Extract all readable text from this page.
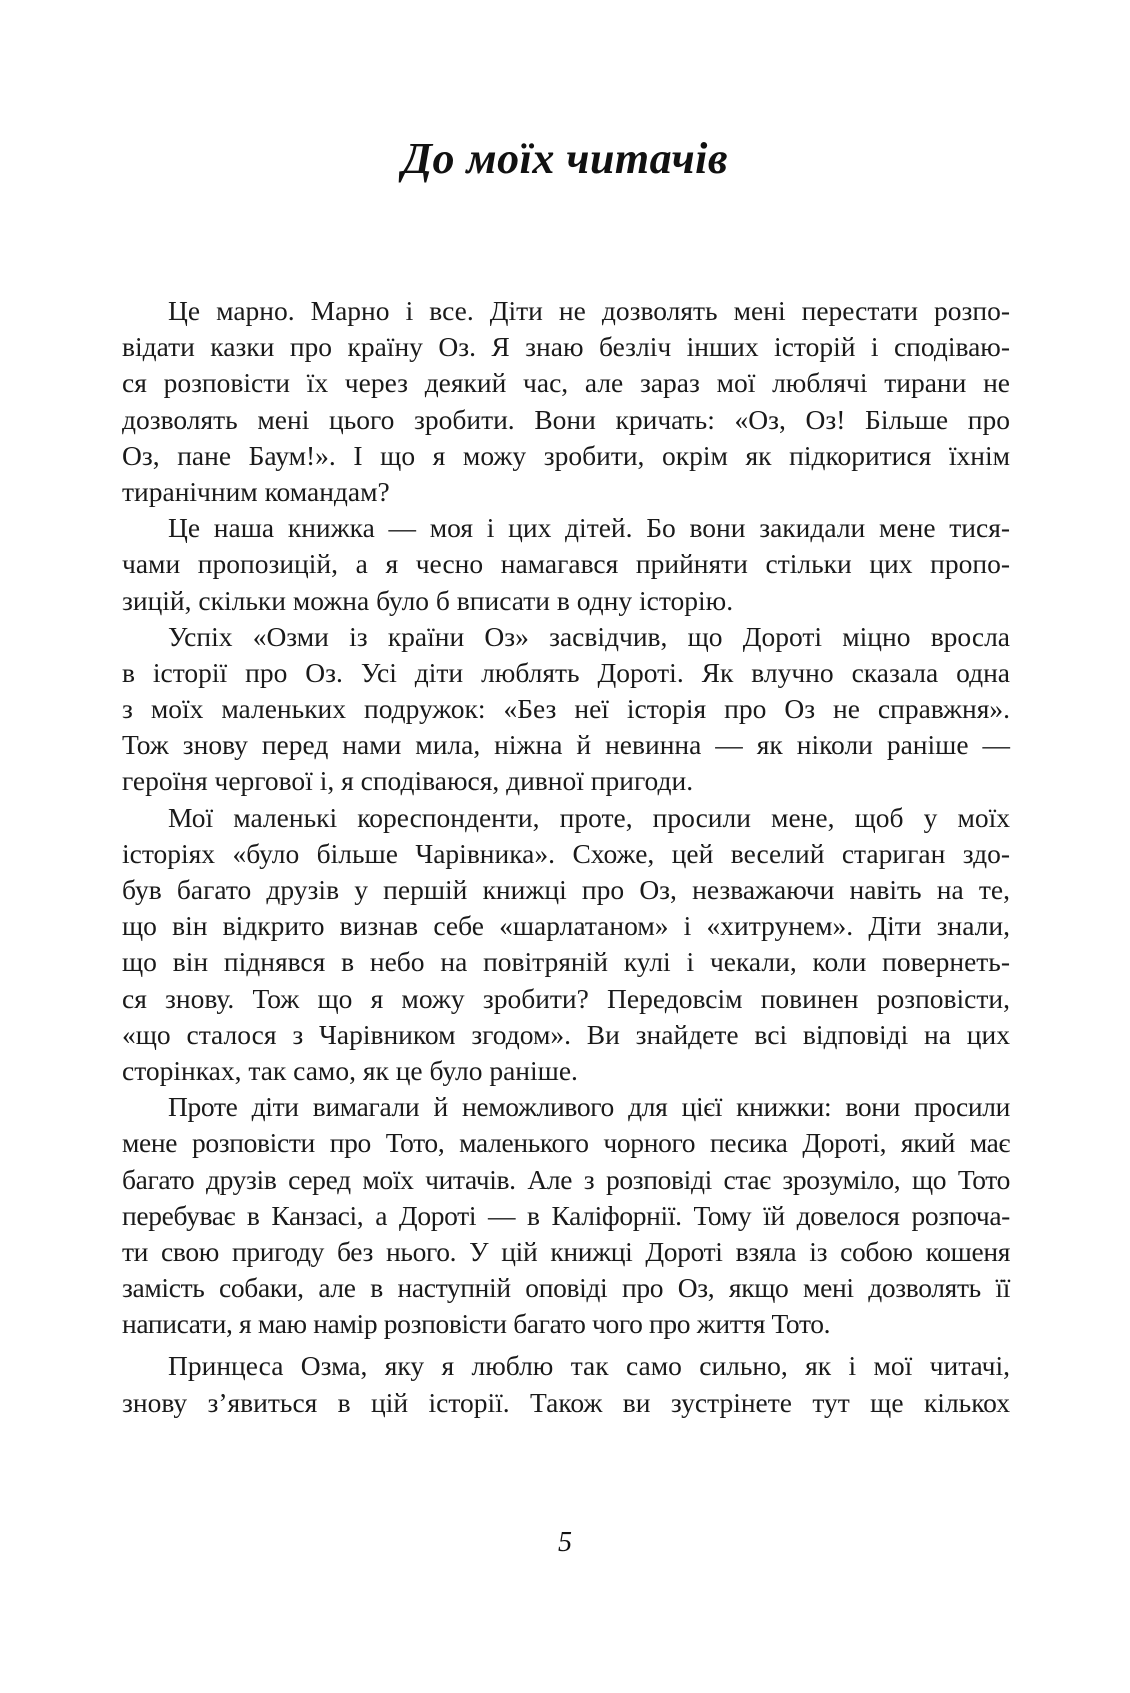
До моїх читачів
Це марно. Марно і все. Діти не дозволять мені перестати розпо-
відати казки про країну Оз. Я знаю безліч інших історій і сподіваю-
ся розповісти їх через деякий час, але зараз мої люблячі тирани не
дозволять мені цього зробити. Вони кричать: «Оз, Оз! Більше про
Оз, пане Баум!». І що я можу зробити, окрім як підкоритися їхнім
тиранічним командам?
Це наша книжка — моя і цих дітей. Бо вони закидали мене тися-
чами пропозицій, а я чесно намагався прийняти стільки цих пропо-
зицій, скільки можна було б вписати в одну історію.
Успіх «Озми із країни Оз» засвідчив, що Дороті міцно вросла
в історії про Оз. Усі діти люблять Дороті. Як влучно сказала одна
з моїх маленьких подружок: «Без неї історія про Оз не справжня».
Тож знову перед нами мила, ніжна й невинна — як ніколи раніше —
героїня чергової і, я сподіваюся, дивної пригоди.
Мої маленькі кореспонденти, проте, просили мене, щоб у моїх
історіях «було більше Чарівника». Схоже, цей веселий стариган здо-
був багато друзів у першій книжці про Оз, незважаючи навіть на те,
що він відкрито визнав себе «шарлатаном» і «хитрунем». Діти знали,
що він піднявся в небо на повітряній кулі і чекали, коли повернеть-
ся знову. Тож що я можу зробити? Передовсім повинен розповісти,
«що сталося з Чарівником згодом». Ви знайдете всі відповіді на цих
сторінках, так само, як це було раніше.
Проте діти вимагали й неможливого для цієї книжки: вони просили
мене розповісти про Тото, маленького чорного песика Дороті, який має
багато друзів серед моїх читачів. Але з розповіді стає зрозуміло, що Тото
перебуває в Канзасі, а Дороті — в Каліфорнії. Тому їй довелося розпоча-
ти свою пригоду без нього. У цій книжці Дороті взяла із собою кошеня
замість собаки, але в наступній оповіді про Оз, якщо мені дозволять її
написати, я маю намір розповісти багато чого про життя Тото.
Принцеса Озма, яку я люблю так само сильно, як і мої читачі,
знову з’явиться в цій історії. Також ви зустрінете тут ще кількох
5
